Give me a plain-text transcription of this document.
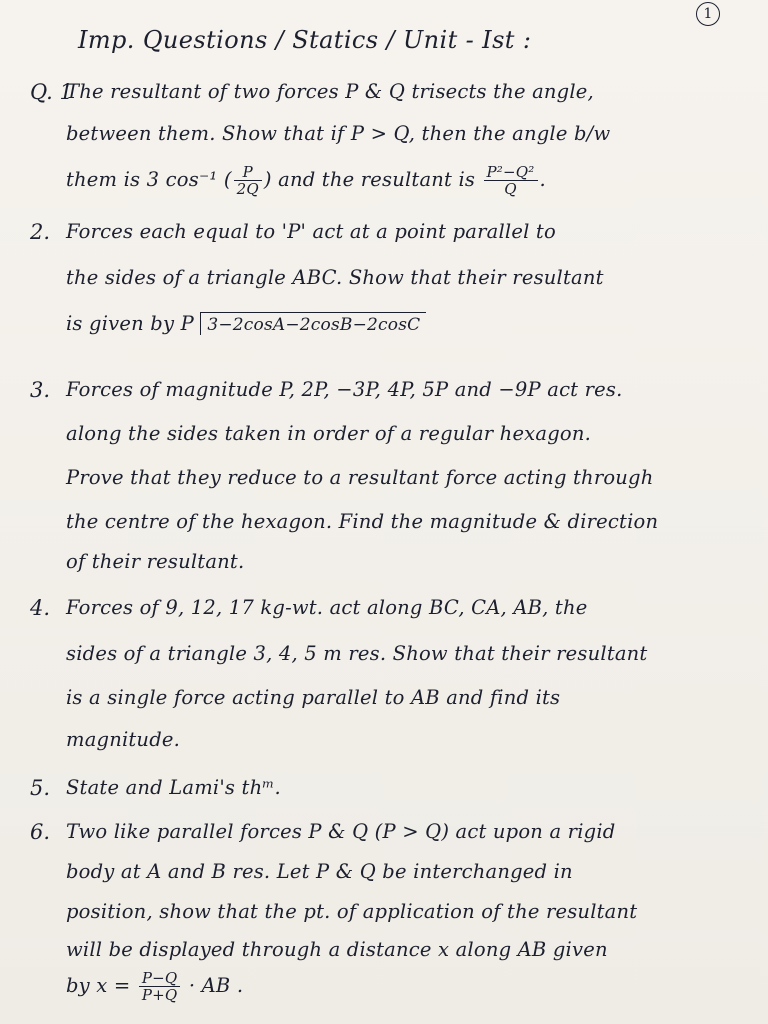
1
Imp. Questions / Statics / Unit - Ist :
Q. 1
The resultant of two forces P & Q trisects the angle,
between them. Show that if P > Q, then the angle b/w
them is 3 cos⁻¹ ( $\frac{P}{2Q}$ ) and the resultant is $\frac{\text{P²−Q²}}{Q}$ .
2. Forces each equal to 'P' act at a point parallel to
the sides of a triangle ABC. Show that their resultant
is given by P 3−2cosA−2cosB−2cosC
3. Forces of magnitude P, 2P, −3P, 4P, 5P and −9P act res.
along the sides taken in order of a regular hexagon.
Prove that they reduce to a resultant force acting through
the centre of the hexagon. Find the magnitude & direction
of their resultant.
4. Forces of 9, 12, 17 kg-wt. act along BC, CA, AB, the
sides of a triangle 3, 4, 5 m res. Show that their resultant
is a single force acting parallel to AB and find its
magnitude.
5. State and Lami's thᵐ.
6. Two like parallel forces P & Q (P > Q) act upon a rigid
body at A and B res. Let P & Q be interchanged in
position, show that the pt. of application of the resultant
will be displayed through a distance x along AB given
by $x = \frac{P-Q}{P+Q}$ · AB .
